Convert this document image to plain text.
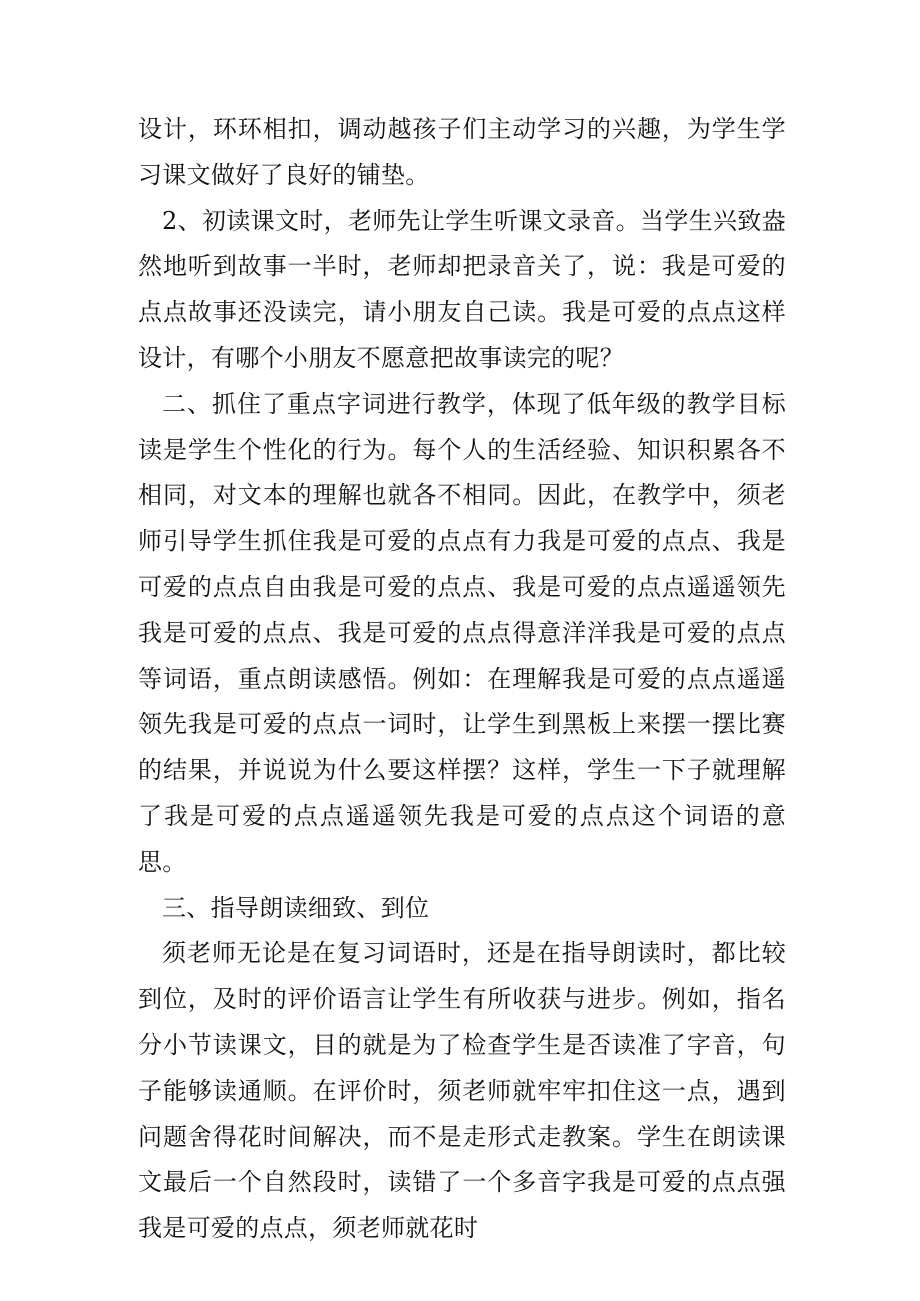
设计，环环相扣，调动越孩子们主动学习的兴趣，为学生学习课文做好了良好的铺垫。

2、初读课文时，老师先让学生听课文录音。当学生兴致盎然地听到故事一半时，老师却把录音关了，说：我是可爱的点点故事还没读完，请小朋友自己读。我是可爱的点点这样设计，有哪个小朋友不愿意把故事读完的呢？

二、抓住了重点字词进行教学，体现了低年级的教学目标读是学生个性化的行为。每个人的生活经验、知识积累各不相同，对文本的理解也就各不相同。因此，在教学中，须老师引导学生抓住我是可爱的点点有力我是可爱的点点、我是可爱的点点自由我是可爱的点点、我是可爱的点点遥遥领先我是可爱的点点、我是可爱的点点得意洋洋我是可爱的点点等词语，重点朗读感悟。例如：在理解我是可爱的点点遥遥领先我是可爱的点点一词时，让学生到黑板上来摆一摆比赛的结果，并说说为什么要这样摆？这样，学生一下子就理解了我是可爱的点点遥遥领先我是可爱的点点这个词语的意思。

三、指导朗读细致、到位

须老师无论是在复习词语时，还是在指导朗读时，都比较到位，及时的评价语言让学生有所收获与进步。例如，指名分小节读课文，目的就是为了检查学生是否读准了字音，句子能够读通顺。在评价时，须老师就牢牢扣住这一点，遇到问题舍得花时间解决，而不是走形式走教案。学生在朗读课文最后一个自然段时，读错了一个多音字我是可爱的点点强我是可爱的点点，须老师就花时
